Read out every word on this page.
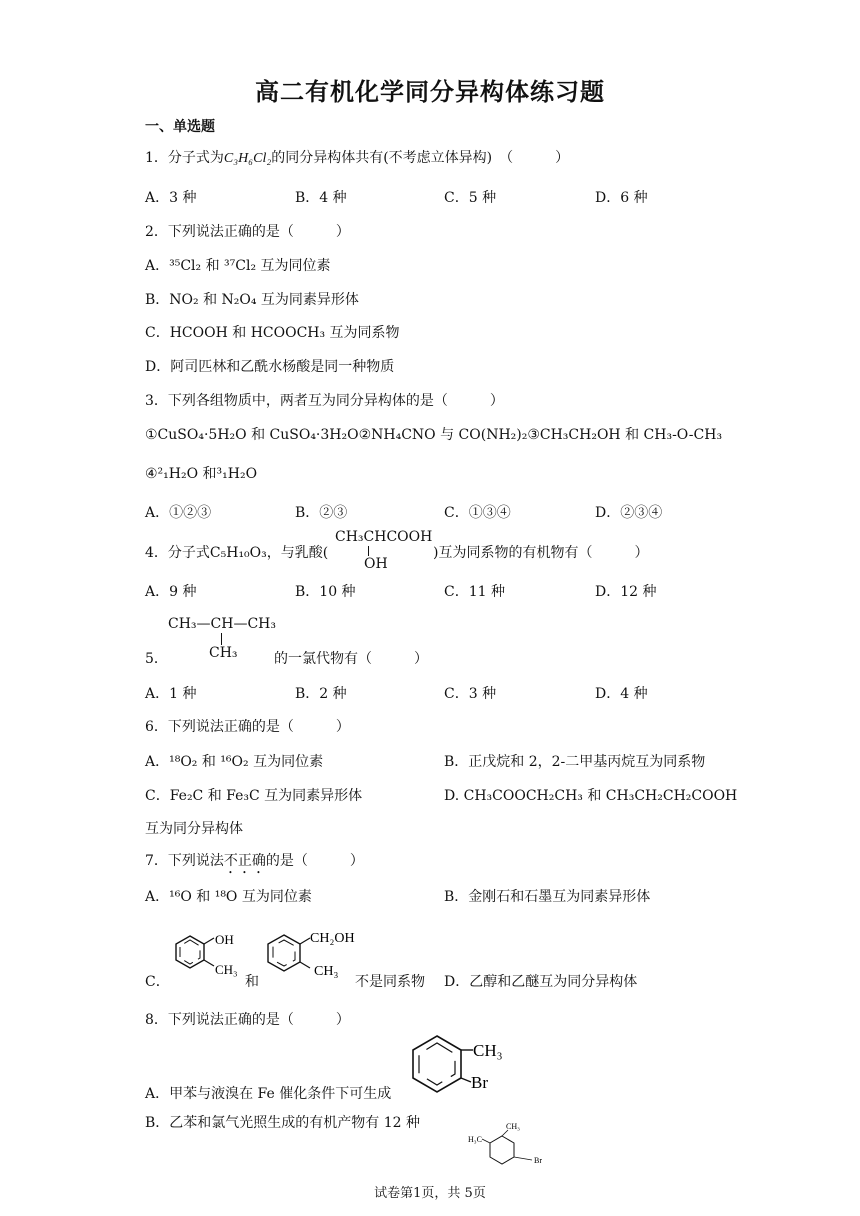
高二有机化学同分异构体练习题
一、单选题
1．分子式为C₃H₆Cl₂的同分异构体共有(不考虑立体异构)　（　　　）
A．3 种	B．4 种	C．5 种	D．6 种
2．下列说法正确的是（　　　）
A．³⁵Cl₂ 和 ³⁷Cl₂ 互为同位素
B．NO₂ 和 N₂O₄ 互为同素异形体
C．HCOOH 和 HCOOCH₃ 互为同系物
D．阿司匹林和乙酰水杨酸是同一种物质
3．下列各组物质中，两者互为同分异构体的是（　　　）
①CuSO₄·5H₂O 和 CuSO₄·3H₂O②NH₄CNO 与 CO(NH₂)₂③CH₃CH₂OH 和 CH₃-O-CH₃
④²₁H₂O 和³₁H₂O
A．①②③	B．②③	C．①③④	D．②③④
4．分子式C₅H₁₀O₃，与乳酸(
CH₃CHCOOH
OH
)互为同系物的有机物有（　　　）
A．9 种	B．10 种	C．11 种	D．12 种
CH₃—CH—CH₃
CH₃
5．	的一氯代物有（　　　）
A．1 种	B．2 种	C．3 种	D．4 种
6．下列说法正确的是（　　　）
A．¹⁸O₂ 和 ¹⁶O₂ 互为同位素	B．正戊烷和 2，2-二甲基丙烷互为同系物
C．Fe₂C 和 Fe₃C 互为同素异形体	D. CH₃COOCH₂CH₃ 和 CH₃CH₂CH₂COOH
互为同分异构体
7．下列说法不正确的是（　　　）
A．¹⁶O 和 ¹⁸O 互为同位素	B．金刚石和石墨互为同素异形体
OH
CH₃
C．	和
CH₂OH
CH₃
不是同系物 D．乙醇和乙醚互为同分异构体
8．下列说法正确的是（　　　）
CH₃
Br
A．甲苯与液溴在 Fe 催化条件下可生成
B．乙苯和氯气光照生成的有机产物有 12 种
H₃C
CH₃
Br
试卷第1页，共 5页
